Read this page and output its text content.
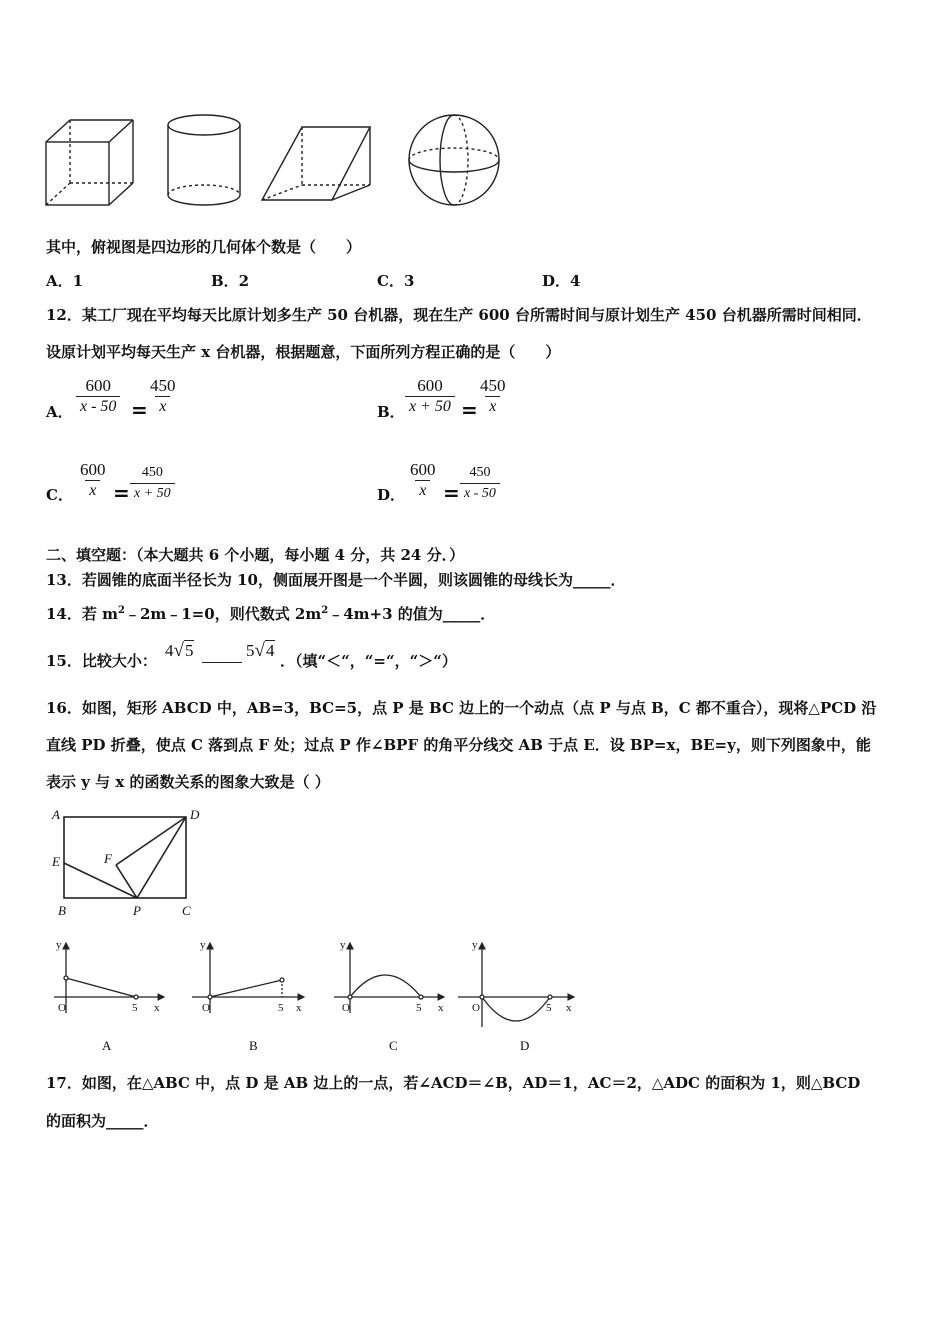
其中，俯视图是四边形的几何体个数是（　　）
A．1	B．2	C．3	D．4
12．某工厂现在平均每天比原计划多生产 50 台机器，现在生产 600 台所需时间与原计划生产 450 台机器所需时间相同．
设原计划平均每天生产 x 台机器，根据题意，下面所列方程正确的是（　　）
A． $\frac{600}{x - 50}$ =
$\frac{450}{x}$	B． $\frac{600}{x + 50}$ =
$\frac{450}{x}$
C． $\frac{600}{x} = \frac{450}{x + 50}$	D． $\frac{600}{x} = \frac{450}{x - 50}$
二、填空题：（本大题共 6 个小题，每小题 4 分，共 24 分．）
13．若圆锥的底面半径长为 10，侧面展开图是一个半圆，则该圆锥的母线长为_____．
14．若 $m^2﹣2m﹣1=0$，则代数式 $2m^2﹣4m+3$ 的值为_____．
15．比较大小：
4√5	5√4
．（填“＜“，“=“，“＞“）
16．如图，矩形 ABCD 中，AB=3，BC=5，点 P 是 BC 边上的一个动点（点 P 与点 B，C 都不重合），现将△PCD 沿
直线 PD 折叠，使点 C 落到点 F 处；过点 P 作∠BPF 的角平分线交 AB 于点 E．设 BP=x，BE=y，则下列图象中，能
表示 y 与 x 的函数关系的图象大致是（ ）
A	D
E	F
B	P	C
y
O	5 x
A
y
O	5 x
B
y
O	5 x
C
y
O	5 x
D
17．如图，在△ABC 中，点 D 是 AB 边上的一点，若∠ACD＝∠B，AD＝1，AC＝2，△ADC 的面积为 1，则△BCD
的面积为_____．
